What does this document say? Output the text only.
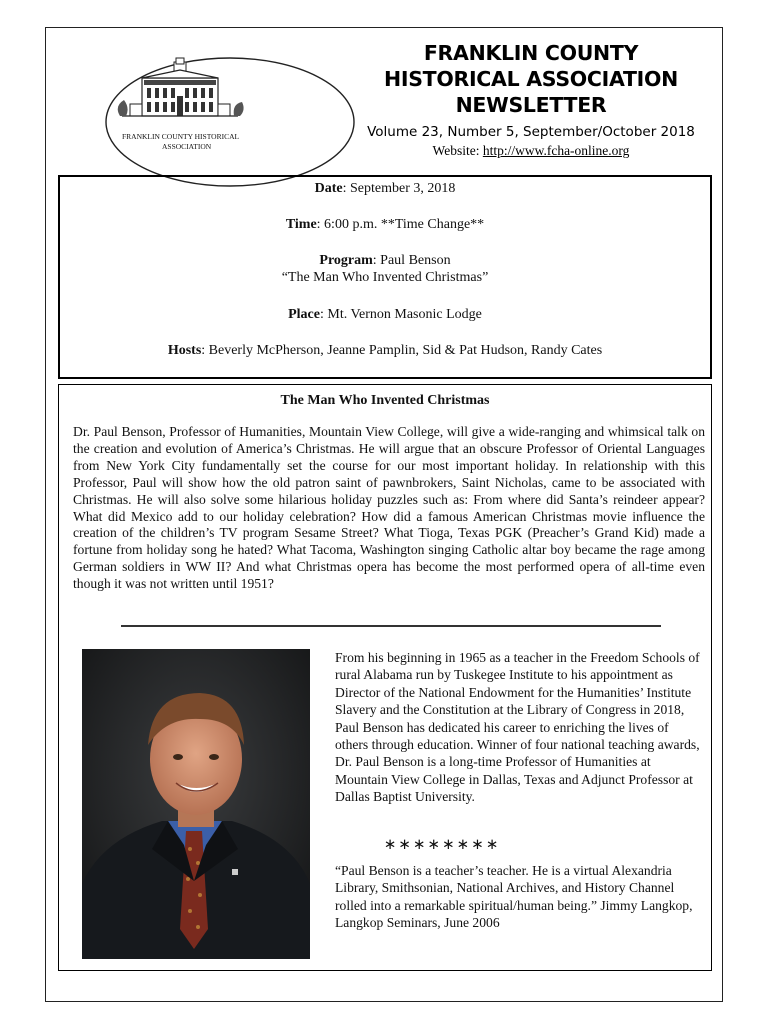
FRANKLIN COUNTY HISTORICAL
ASSOCIATION
FRANKLIN COUNTY
HISTORICAL ASSOCIATION
NEWSLETTER
Volume 23, Number 5, September/October 2018
Website: http://www.fcha-online.org
Date: September 3, 2018
Time: 6:00 p.m. **Time Change**
Program: Paul Benson
“The Man Who Invented Christmas”
Place: Mt. Vernon Masonic Lodge
Hosts: Beverly McPherson, Jeanne Pamplin, Sid & Pat Hudson, Randy Cates
The Man Who Invented Christmas
Dr. Paul Benson, Professor of Humanities, Mountain View College, will give a wide-ranging and whimsical talk on the creation and evolution of America’s Christmas. He will argue that an obscure Professor of Oriental Languages from New York City fundamentally set the course for our most important holiday. In relationship with this Professor, Paul will show how the old patron saint of pawnbrokers, Saint Nicholas, came to be associated with Christmas. He will also solve some hilarious holiday puzzles such as: From where did Santa’s reindeer appear? What did Mexico add to our holiday celebration? How did a famous American Christmas movie influence the creation of the children’s TV program Sesame Street? What Tioga, Texas PGK (Preacher’s Grand Kid) made a fortune from holiday song he hated? What Tacoma, Washington singing Catholic altar boy became the rage among German soldiers in WW II? And what Christmas opera has become the most performed opera of all-time even though it was not written until 1951?
From his beginning in 1965 as a teacher in the Freedom Schools of rural Alabama run by Tuskegee Institute to his appointment as Director of the National Endowment for the Humanities’ Institute Slavery and the Constitution at the Library of Congress in 2018, Paul Benson has dedicated his career to enriching the lives of others through education. Winner of four national teaching awards, Dr. Paul Benson is a long-time Professor of Humanities at Mountain View College in Dallas, Texas and Adjunct Professor at Dallas Baptist University.
∗∗∗∗∗∗∗∗
“Paul Benson is a teacher’s teacher. He is a virtual Alexandria Library, Smithsonian, National Archives, and History Channel rolled into a remarkable spiritual/human being.” Jimmy Langkop, Langkop Seminars, June 2006
